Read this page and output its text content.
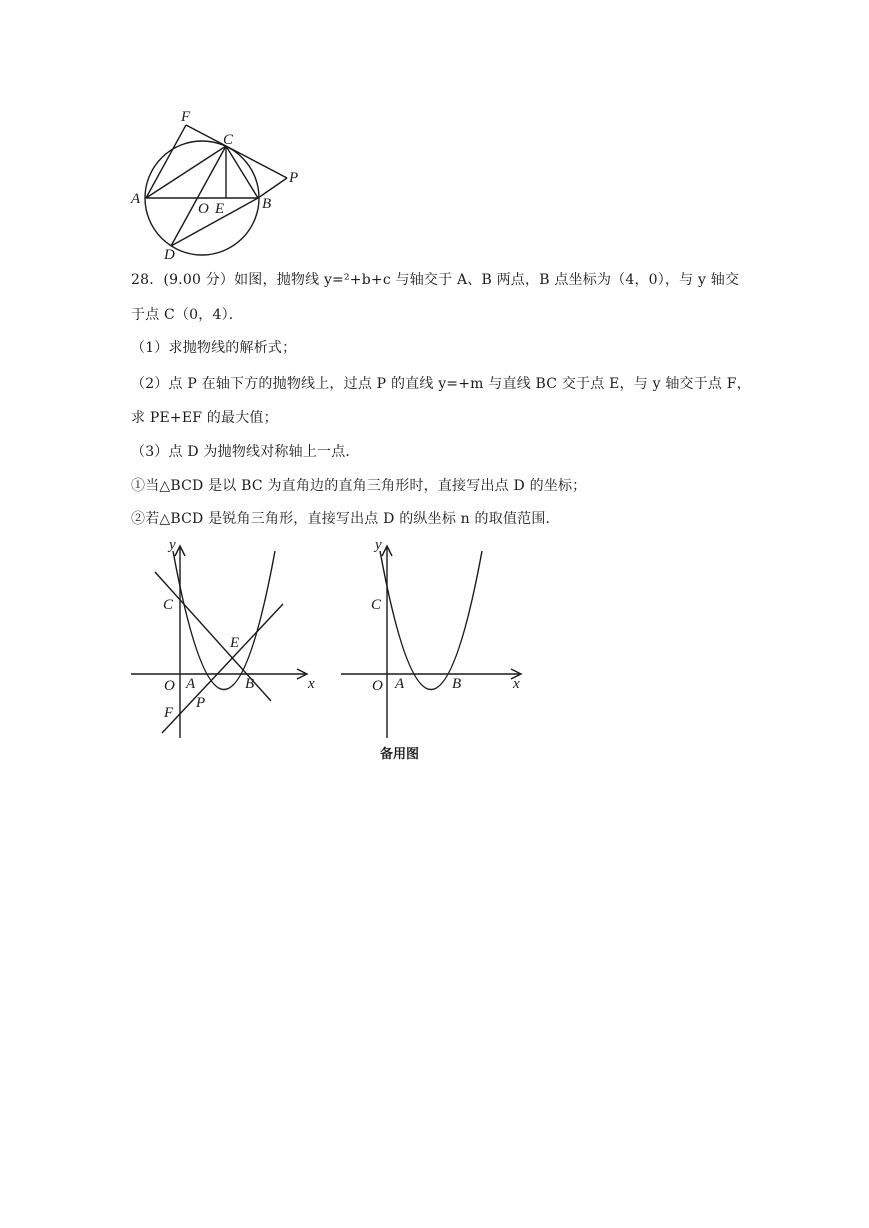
F
C
P
A
O E	B
D
28．(9.00 分）如图，抛物线 y=²+b+c 与轴交于 A、B 两点，B 点坐标为（4，0），与 y 轴交
于点 C（0，4）．
（1）求抛物线的解析式；
（2）点 P 在轴下方的抛物线上，过点 P 的直线 y=+m 与直线 BC 交于点 E，与 y 轴交于点 F，
求 PE+EF 的最大值；
（3）点 D 为抛物线对称轴上一点．
①当△BCD 是以 BC 为直角边的直角三角形时，直接写出点 D 的坐标；
②若△BCD 是锐角三角形，直接写出点 D 的纵坐标 n 的取值范围．
y
C
E
O A	B	x
P
F
y
C
O A	B	x
备用图
